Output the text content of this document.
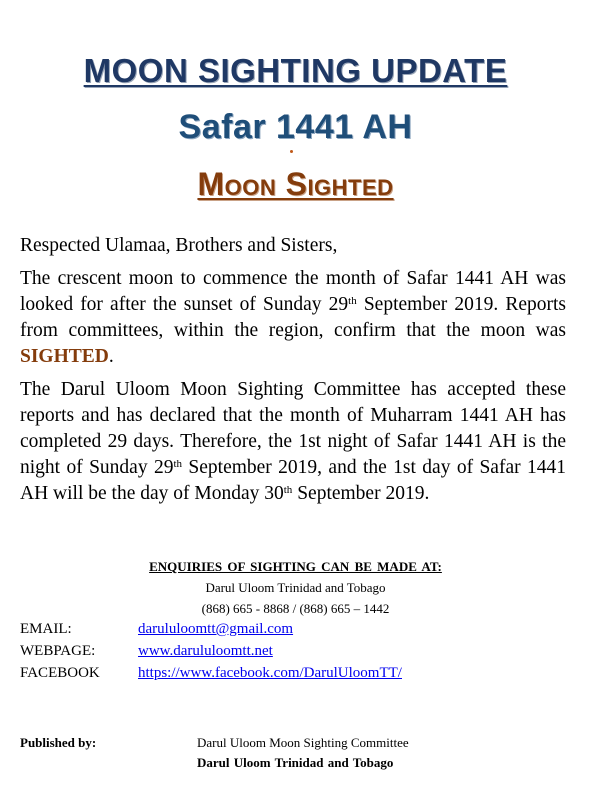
MOON SIGHTING UPDATE
Safar 1441 AH
Moon Sighted
Respected Ulamaa, Brothers and Sisters,

The crescent moon to commence the month of Safar 1441 AH was looked for after the sunset of Sunday 29th September 2019. Reports from committees, within the region, confirm that the moon was SIGHTED.

The Darul Uloom Moon Sighting Committee has accepted these reports and has declared that the month of Muharram 1441 AH has completed 29 days. Therefore, the 1st night of Safar 1441 AH is the night of Sunday 29th September 2019, and the 1st day of Safar 1441 AH will be the day of Monday 30th September 2019.

ENQUIRIES OF SIGHTING CAN BE MADE AT:
Darul Uloom Trinidad and Tobago
(868) 665 - 8868 / (868) 665 – 1442
EMAIL:	darululoomtt@gmail.com
WEBPAGE:	www.darululoomtt.net
FACEBOOK	https://www.facebook.com/DarulUloomTT/
Published by:	Darul Uloom Moon Sighting Committee
Darul Uloom Trinidad and Tobago
